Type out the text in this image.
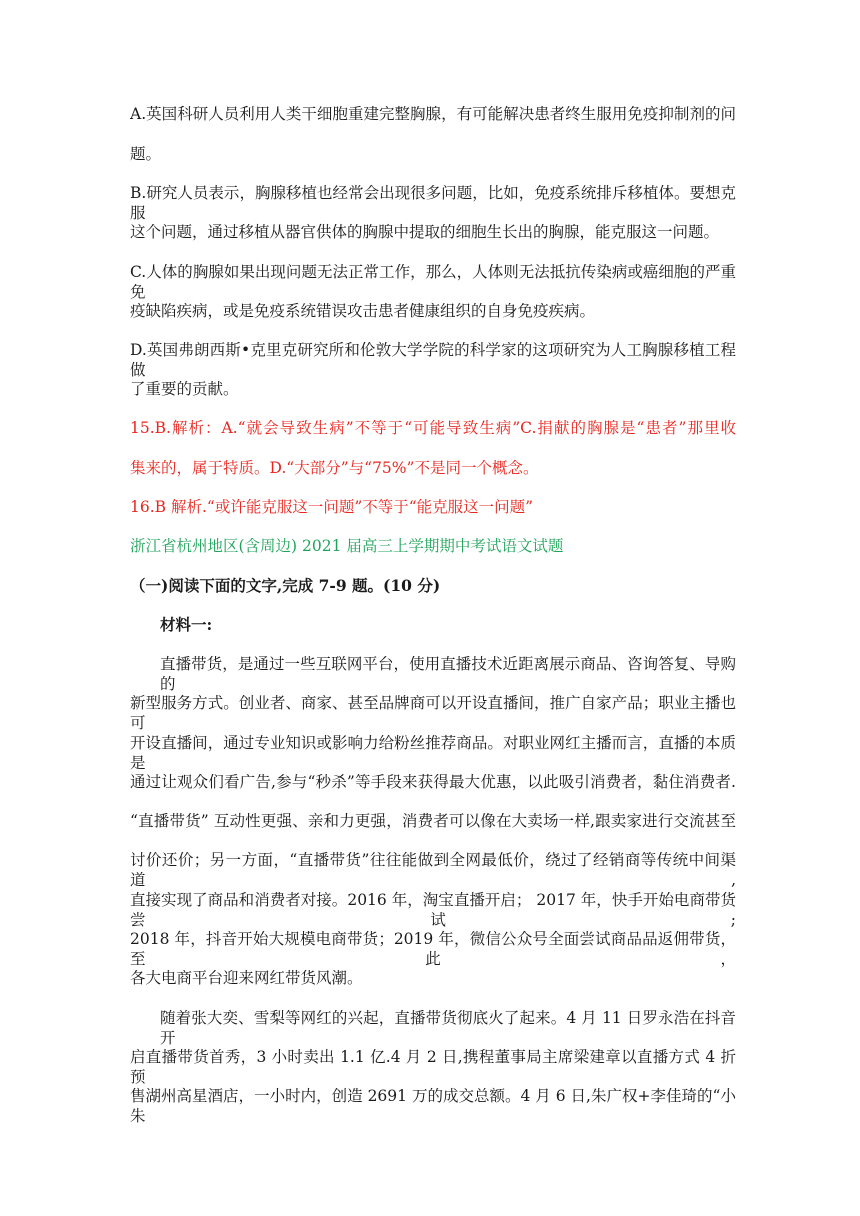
A.英国科研人员利用人类干细胞重建完整胸腺，有可能解决患者终生服用免疫抑制剂的问
题。
B.研究人员表示，胸腺移植也经常会出现很多问题，比如，免疫系统排斥移植体。要想克服
这个问题，通过移植从器官供体的胸腺中提取的细胞生长出的胸腺，能克服这一问题。
C.人体的胸腺如果出现问题无法正常工作，那么，人体则无法抵抗传染病或癌细胞的严重免
疫缺陷疾病，或是免疫系统错误攻击患者健康组织的自身免疫疾病。
D.英国弗朗西斯•克里克研究所和伦敦大学学院的科学家的这项研究为人工胸腺移植工程做
了重要的贡献。
15.B.解析：A.“就会导致生病”不等于“可能导致生病”C.捐献的胸腺是“患者”那里收
集来的，属于特质。D.“大部分”与“75%”不是同一个概念。
16.B 解析.“或许能克服这一问题”不等于“能克服这一问题”
浙江省杭州地区(含周边) 2021 届高三上学期期中考试语文试题
（一)阅读下面的文字,完成 7-9 题。(10 分)
材料一:
直播带货，是通过一些互联网平台，使用直播技术近距离展示商品、咨询答复、导购的
新型服务方式。创业者、商家、甚至品牌商可以开设直播间，推广自家产品；职业主播也可
开设直播间，通过专业知识或影响力给粉丝推荐商品。对职业网红主播而言，直播的本质是
通过让观众们看广告,参与“秒杀”等手段来获得最大优惠，以此吸引消费者，黏住消费者.
“直播带货” 互动性更强、亲和力更强，消费者可以像在大卖场一样,跟卖家进行交流甚至
讨价还价；另一方面，“直播带货”往往能做到全网最低价，绕过了经销商等传统中间渠道,
直接实现了商品和消费者对接。2016 年，淘宝直播开启； 2017 年，快手开始电商带货尝试;
2018 年，抖音开始大规模电商带货；2019 年，微信公众号全面尝试商品品返佣带货，至此，
各大电商平台迎来网红带货风潮。
随着张大奕、雪梨等网红的兴起，直播带货彻底火了起来。4 月 11 日罗永浩在抖音开
启直播带货首秀，3 小时卖出 1.1 亿.4 月 2 日,携程董事局主席梁建章以直播方式 4 折预
售湖州高星酒店，一小时内，创造 2691 万的成交总额。4 月 6 日,朱广权+李佳琦的“小朱
